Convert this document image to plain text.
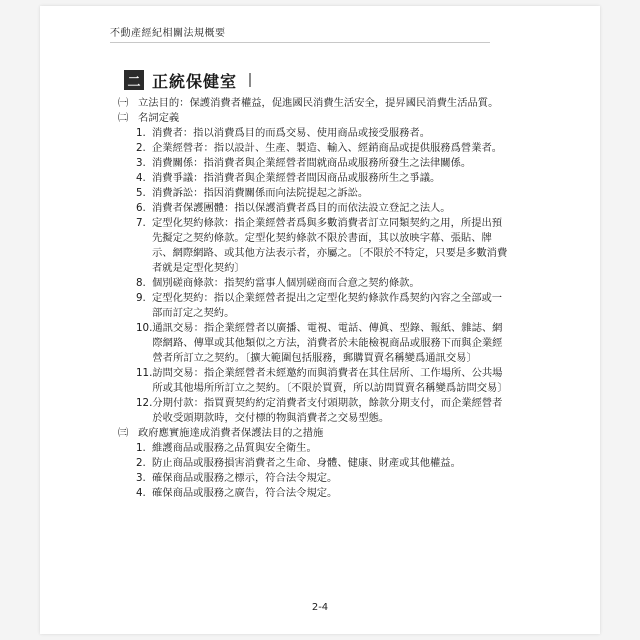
不動產經紀相關法規概要
二 正統保健室
㈠ 立法目的：保護消費者權益，促進國民消費生活安全，提昇國民消費生活品質。
㈡ 名詞定義
1. 消費者：指以消費爲目的而爲交易、使用商品或接受服務者。
2. 企業經營者：指以設計、生產、製造、輸入、經銷商品或提供服務爲營業者。
3. 消費關係：指消費者與企業經營者間就商品或服務所發生之法律關係。
4. 消費爭議：指消費者與企業經營者間因商品或服務所生之爭議。
5. 消費訴訟：指因消費關係而向法院提起之訴訟。
6. 消費者保護團體：指以保護消費者爲目的而依法設立登記之法人。
7. 定型化契約條款：指企業經營者爲與多數消費者訂立同類契約之用，所提出預先擬定之契約條款。定型化契約條款不限於書面，其以放映字幕、張貼、牌示、網際網路、或其他方法表示者，亦屬之。〔不限於不特定，只要是多數消費者就是定型化契約〕
8. 個別磋商條款：指契約當事人個別磋商而合意之契約條款。
9. 定型化契約：指以企業經營者提出之定型化契約條款作爲契約內容之全部或一部而訂定之契約。
10. 通訊交易：指企業經營者以廣播、電視、電話、傳眞、型錄、報紙、雜誌、網際網路、傳單或其他類似之方法，消費者於未能檢視商品或服務下而與企業經營者所訂立之契約。〔擴大範圍包括服務，郵購買賣名稱變爲通訊交易〕
11. 訪問交易：指企業經營者未經邀約而與消費者在其住居所、工作場所、公共場所或其他場所所訂立之契約。〔不限於買賣，所以訪問買賣名稱變爲訪問交易〕
12. 分期付款：指買賣契約約定消費者支付頭期款，餘款分期支付，而企業經營者於收受頭期款時，交付標的物與消費者之交易型態。
㈢ 政府應實施達成消費者保護法目的之措施
1. 維護商品或服務之品質與安全衛生。
2. 防止商品或服務損害消費者之生命、身體、健康、財產或其他權益。
3. 確保商品或服務之標示，符合法令規定。
4. 確保商品或服務之廣告，符合法令規定。
2-4
